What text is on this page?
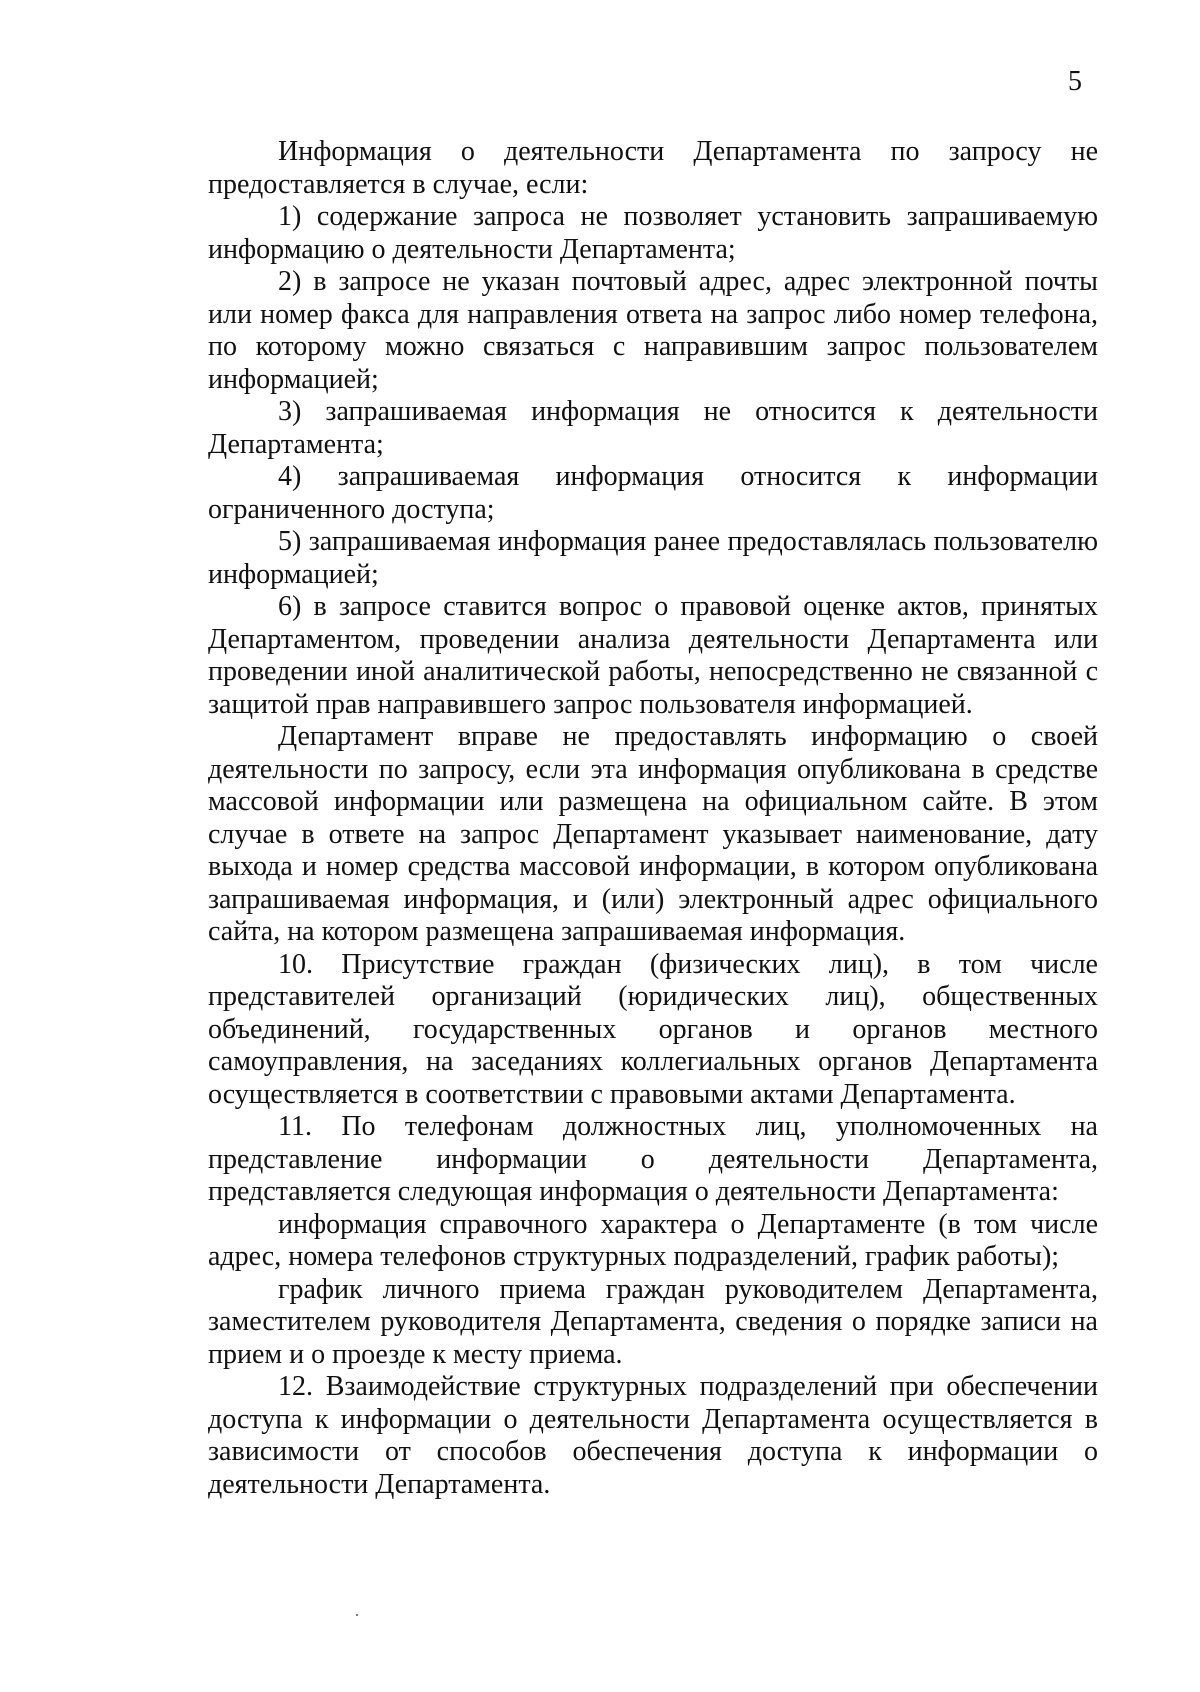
5

Информация о деятельности Департамента по запросу не предоставляется в случае, если:

1) содержание запроса не позволяет установить запрашиваемую информацию о деятельности Департамента;

2) в запросе не указан почтовый адрес, адрес электронной почты или номер факса для направления ответа на запрос либо номер телефона, по которому можно связаться с направившим запрос пользователем информацией;

3) запрашиваемая информация не относится к деятельности Департамента;

4) запрашиваемая информация относится к информации ограниченного доступа;

5) запрашиваемая информация ранее предоставлялась пользователю информацией;

6) в запросе ставится вопрос о правовой оценке актов, принятых Департаментом, проведении анализа деятельности Департамента или проведении иной аналитической работы, непосредственно не связанной с защитой прав направившего запрос пользователя информацией.

Департамент вправе не предоставлять информацию о своей деятельности по запросу, если эта информация опубликована в средстве массовой информации или размещена на официальном сайте. В этом случае в ответе на запрос Департамент указывает наименование, дату выхода и номер средства массовой информации, в котором опубликована запрашиваемая информация, и (или) электронный адрес официального сайта, на котором размещена запрашиваемая информация.

10. Присутствие граждан (физических лиц), в том числе представителей организаций (юридических лиц), общественных объединений, государственных органов и органов местного самоуправления, на заседаниях коллегиальных органов Департамента осуществляется в соответствии с правовыми актами Департамента.

11. По телефонам должностных лиц, уполномоченных на представление информации о деятельности Департамента, представляется следующая информация о деятельности Департамента:

информация справочного характера о Департаменте (в том числе адрес, номера телефонов структурных подразделений, график работы);

график личного приема граждан руководителем Департамента, заместителем руководителя Департамента, сведения о порядке записи на прием и о проезде к месту приема.

12. Взаимодействие структурных подразделений при обеспечении доступа к информации о деятельности Департамента осуществляется в зависимости от способов обеспечения доступа к информации о деятельности Департамента.
